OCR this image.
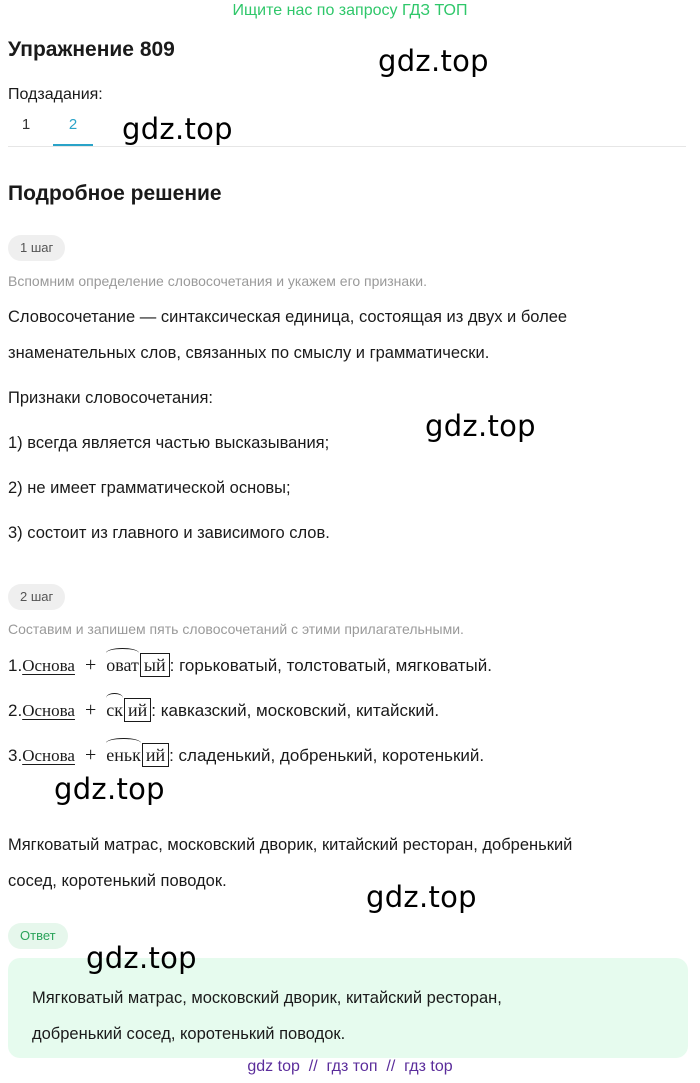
Ищите нас по запросу ГДЗ ТОП
Упражнение 809	gdz.top
Подзадания:
1	2	gdz.top
Подробное решение
1 шаг
Вспомним определение словосочетания и укажем его признаки.
Словосочетание — синтаксическая единица, состоящая из двух и более
знаменательных слов, связанных по смыслу и грамматически.
Признаки словосочетания:
1) всегда является частью высказывания;
2) не имеет грамматической основы;
3) состоит из главного и зависимого слов.
gdz.top
2 шаг
Составим и запишем пять словосочетаний с этими прилагательными.
1.Основа + оват ый : горьковатый, толстоватый, мягковатый.
2.Основа + ск ий : кавказский, московский, китайский.
3.Основа + еньк ий : сладенький, добренький, коротенький.
gdz.top
Мягковатый матрас, московский дворик, китайский ресторан, добренький
сосед, коротенький поводок.	gdz.top
Ответ
Мягковатый матрас, московский дворик, китайский ресторан,
добренький сосед, коротенький поводок.
gdz.top
gdz top  //  гдз топ  //  гдз top
